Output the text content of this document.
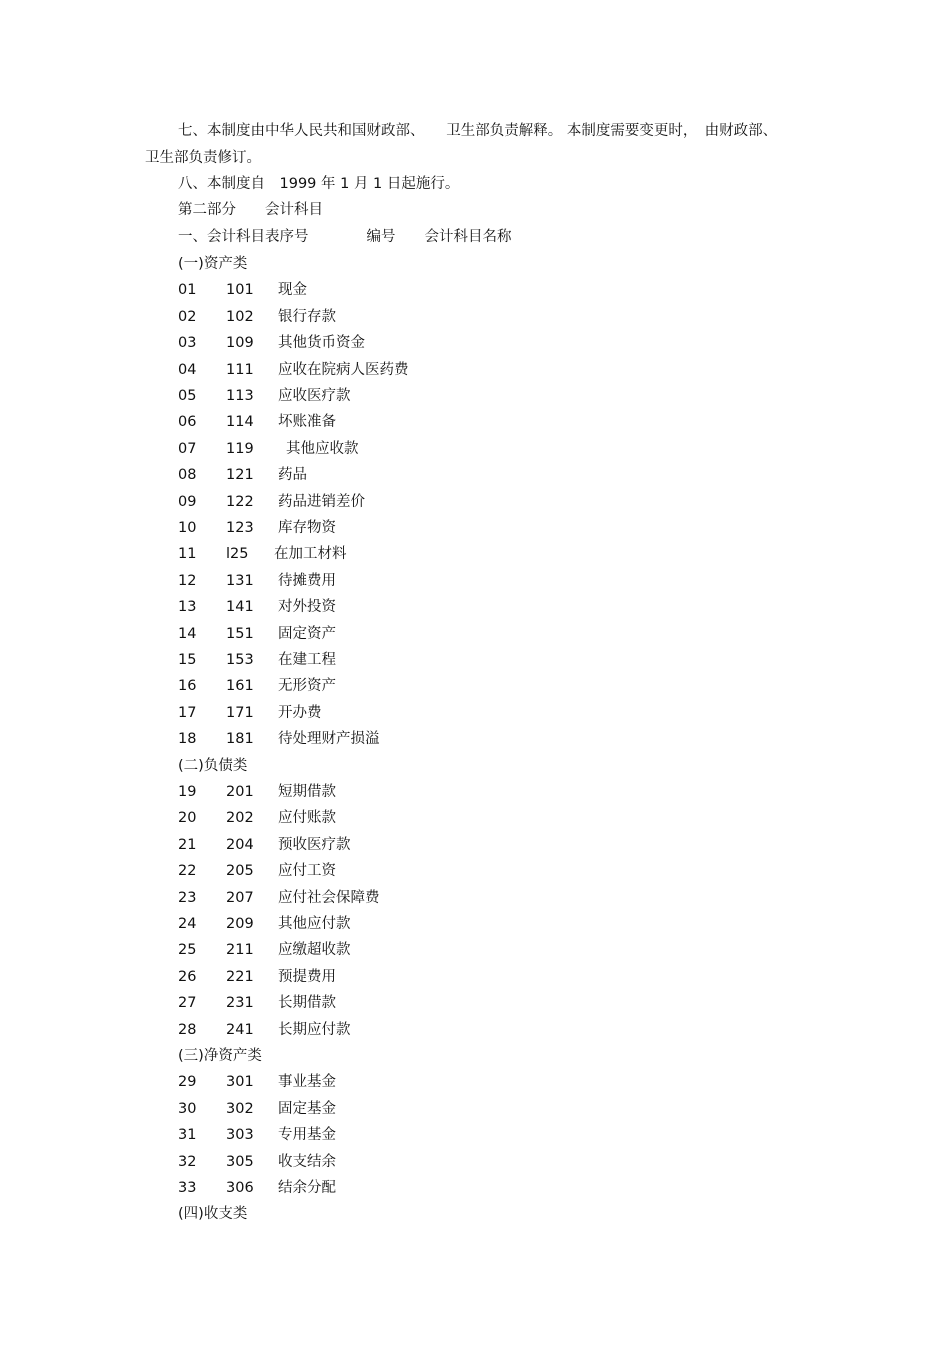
七、本制度由中华人民共和国财政部、　　卫生部负责解释。 本制度需要变更时，　由财政部、
卫生部负责修订。
八、本制度自　1999 年 1 月 1 日起施行。
第二部分　　会计科目
一、会计科目表序号　　　　编号　　会计科目名称
(一)资产类
01 101 现金
02 102 银行存款
03 109 其他货币资金
04 111 应收在院病人医药费
05 113 应收医疗款
06 114 坏账准备
07 119 其他应收款
08 121 药品
09 122 药品进销差价
10 123 库存物资
11 l25 在加工材料
12 131 待摊费用
13 141 对外投资
14 151 固定资产
15 153 在建工程
16 161 无形资产
17 171 开办费
18 181 待处理财产损溢
(二)负债类
19 201 短期借款
20 202 应付账款
21 204 预收医疗款
22 205 应付工资
23 207 应付社会保障费
24 209 其他应付款
25 211 应缴超收款
26 221 预提费用
27 231 长期借款
28 241 长期应付款
(三)净资产类
29 301 事业基金
30 302 固定基金
31 303 专用基金
32 305 收支结余
33 306 结余分配
(四)收支类
